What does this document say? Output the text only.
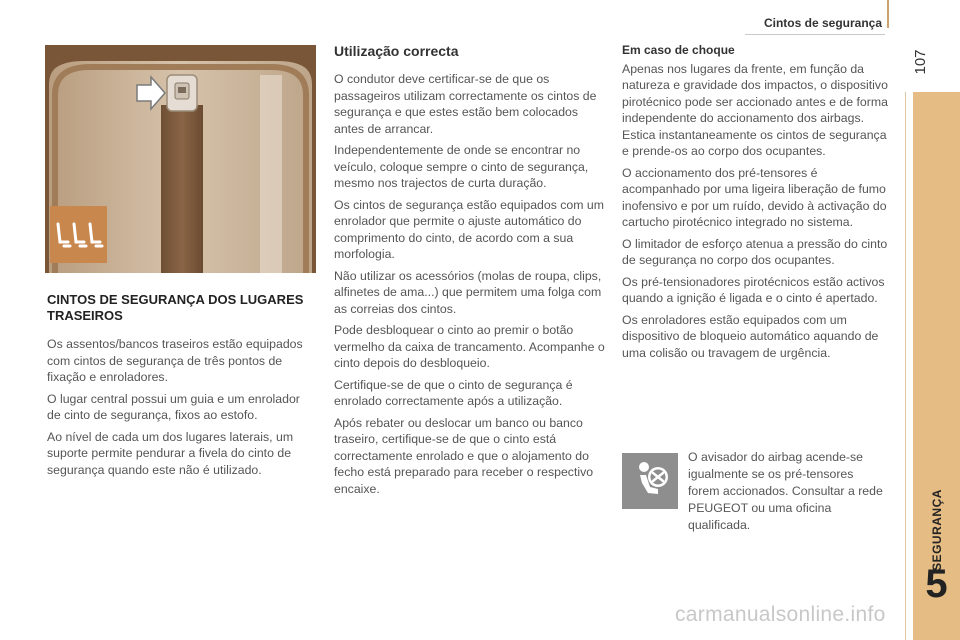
Cintos de segurança
107
SEGURANÇA
5
CINTOS DE SEGURANÇA DOS LUGARES TRASEIROS

Os assentos/bancos traseiros estão equipados com cintos de segurança de três pontos de fixação e enroladores.

O lugar central possui um guia e um enrolador de cinto de segurança, fixos ao estofo.

Ao nível de cada um dos lugares laterais, um suporte permite pendurar a fivela do cinto de segurança quando este não é utilizado.

Utilização correcta

O condutor deve certificar-se de que os passageiros utilizam correctamente os cintos de segurança e que estes estão bem colocados antes de arrancar.

Independentemente de onde se encontrar no veículo, coloque sempre o cinto de segurança, mesmo nos trajectos de curta duração.

Os cintos de segurança estão equipados com um enrolador que permite o ajuste automático do comprimento do cinto, de acordo com a sua morfologia.

Não utilizar os acessórios (molas de roupa, clips, alfinetes de ama...) que permitem uma folga com as correias dos cintos.

Pode desbloquear o cinto ao premir o botão vermelho da caixa de trancamento. Acompanhe o cinto depois do desbloqueio.

Certifique-se de que o cinto de segurança é enrolado correctamente após a utilização.

Após rebater ou deslocar um banco ou banco traseiro, certifique-se de que o cinto está correctamente enrolado e que o alojamento do fecho está preparado para receber o respectivo encaixe.

Em caso de choque

Apenas nos lugares da frente, em função da natureza e gravidade dos impactos, o dispositivo pirotécnico pode ser accionado antes e de forma independente do accionamento dos airbags. Estica instantaneamente os cintos de segurança e prende-os ao corpo dos ocupantes.

O accionamento dos pré-tensores é acompanhado por uma ligeira liberação de fumo inofensivo e por um ruído, devido à activação do cartucho pirotécnico integrado no sistema.

O limitador de esforço atenua a pressão do cinto de segurança no corpo dos ocupantes.

Os pré-tensionadores pirotécnicos estão activos quando a ignição é ligada e o cinto é apertado.

Os enroladores estão equipados com um dispositivo de bloqueio automático aquando de uma colisão ou travagem de urgência.

O avisador do airbag acende-se igualmente se os pré-tensores forem accionados. Consultar a rede PEUGEOT ou uma oficina qualificada.
carmanualsonline.info
